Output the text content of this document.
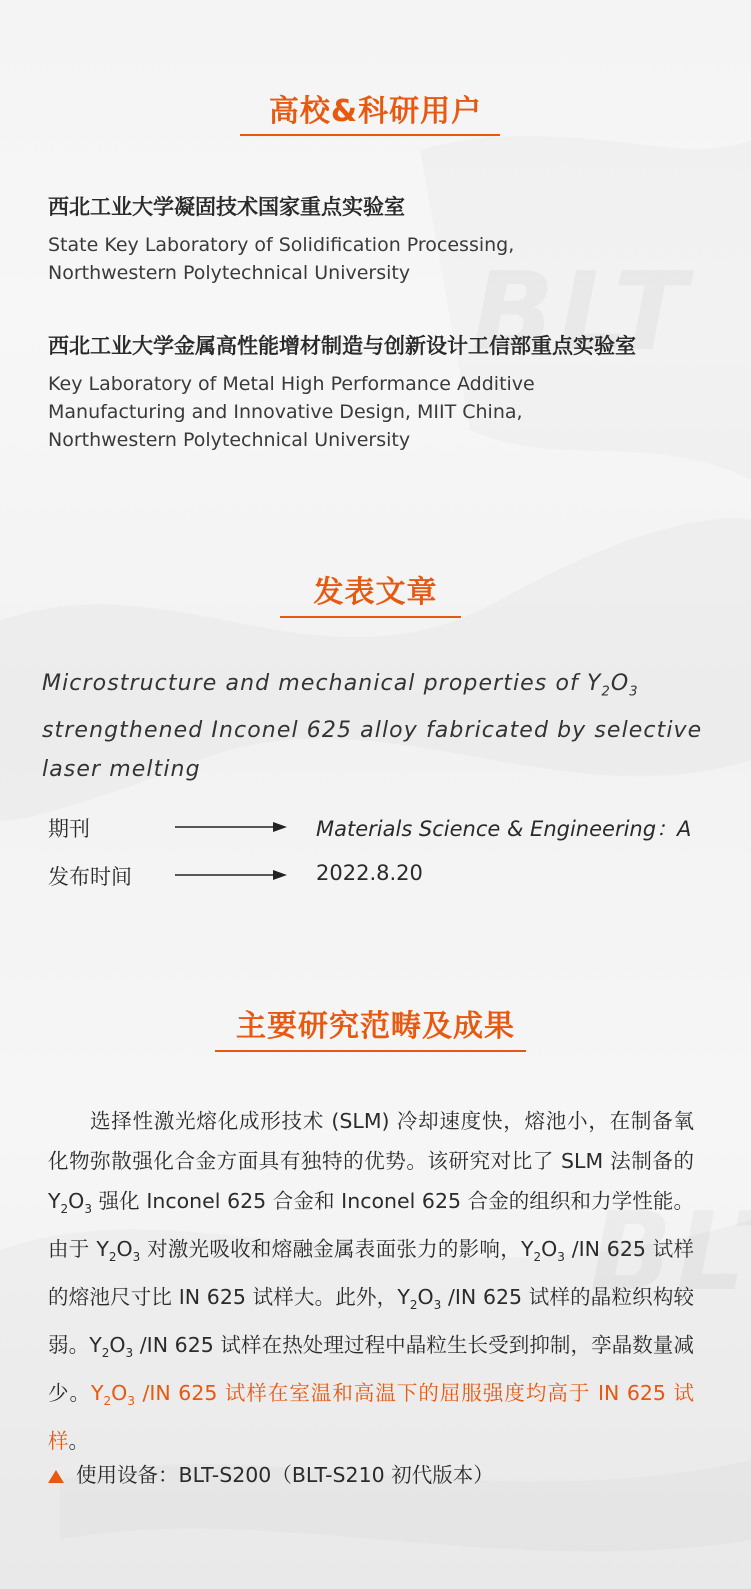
高校&科研用户
西北工业大学凝固技术国家重点实验室
State Key Laboratory of Solidification Processing,
Northwestern Polytechnical University
西北工业大学金属高性能增材制造与创新设计工信部重点实验室
Key Laboratory of Metal High Performance Additive
Manufacturing and Innovative Design, MIIT China,
Northwestern Polytechnical University
发表文章
Microstructure and mechanical properties of $Y_2O_3$ strengthened Inconel 625 alloy fabricated by selective laser melting
期刊	Materials Science & Engineering：A
发布时间	2022.8.20
主要研究范畴及成果
选择性激光熔化成形技术 (SLM) 冷却速度快，熔池小，在制备氧化物弥散强化合金方面具有独特的优势。该研究对比了 SLM 法制备的 $Y_2O_3$ 强化 Inconel 625 合金和 Inconel 625 合金的组织和力学性能。由于 $Y_2O_3$ 对激光吸收和熔融金属表面张力的影响，$Y_2O_3$ /IN 625 试样的熔池尺寸比 IN 625 试样大。此外，$Y_2O_3$ /IN 625 试样的晶粒织构较弱。$Y_2O_3$ /IN 625 试样在热处理过程中晶粒生长受到抑制，孪晶数量减少。$Y_2O_3$ /IN 625 试样在室温和高温下的屈服强度均高于 IN 625 试样。
使用设备：BLT-S200（BLT-S210 初代版本）
